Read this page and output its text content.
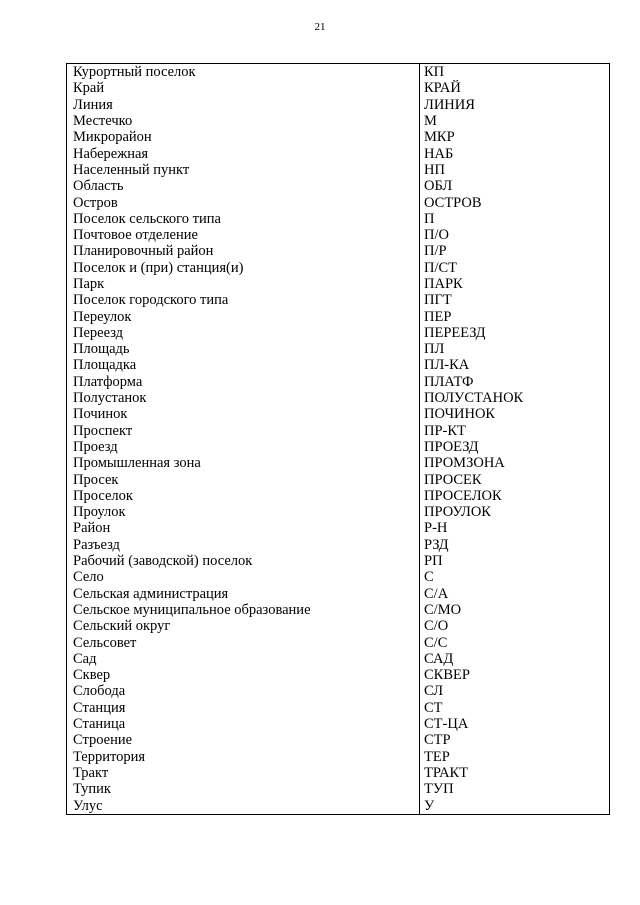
21
Курортный поселок	КП
Край	КРАЙ
Линия	ЛИНИЯ
Местечко	М
Микрорайон	МКР
Набережная	НАБ
Населенный пункт	НП
Область	ОБЛ
Остров	ОСТРОВ
Поселок сельского типа	П
Почтовое отделение	П/О
Планировочный район	П/Р
Поселок и (при) станция(и)	П/СТ
Парк	ПАРК
Поселок городского типа	ПГТ
Переулок	ПЕР
Переезд	ПЕРЕЕЗД
Площадь	ПЛ
Площадка	ПЛ-КА
Платформа	ПЛАТФ
Полустанок	ПОЛУСТАНОК
Починок	ПОЧИНОК
Проспект	ПР-КТ
Проезд	ПРОЕЗД
Промышленная зона	ПРОМЗОНА
Просек	ПРОСЕК
Проселок	ПРОСЕЛОК
Проулок	ПРОУЛОК
Район	Р-Н
Разъезд	РЗД
Рабочий (заводской) поселок	РП
Село	С
Сельская администрация	С/А
Сельское муниципальное образование	С/МО
Сельский округ	С/О
Сельсовет	С/С
Сад	САД
Сквер	СКВЕР
Слобода	СЛ
Станция	СТ
Станица	СТ-ЦА
Строение	СТР
Территория	ТЕР
Тракт	ТРАКТ
Тупик	ТУП
Улус	У
